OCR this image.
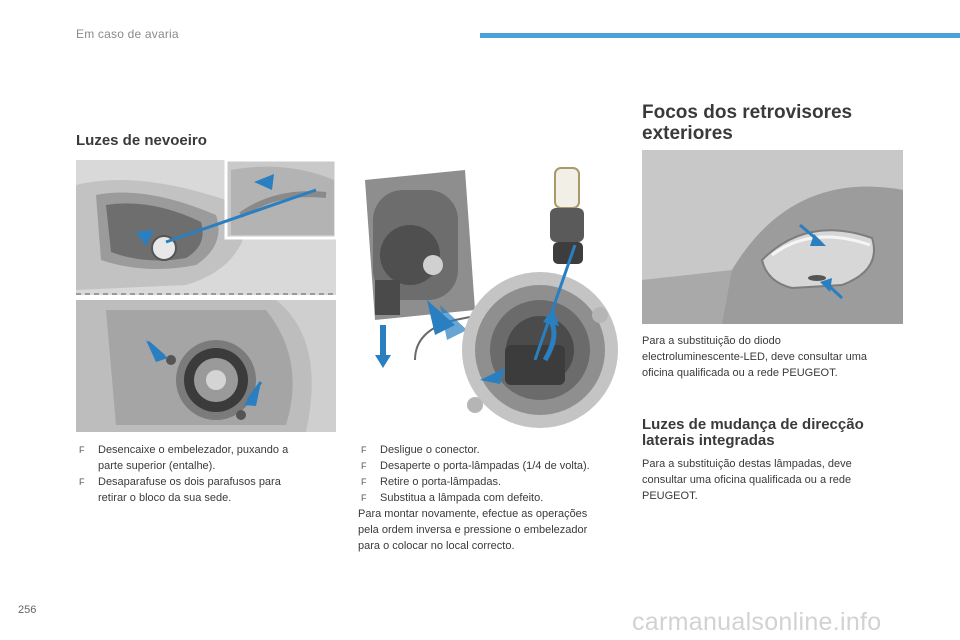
Em caso de avaria
Luzes de nevoeiro
F Desencaixe o embelezador, puxando a
parte superior (entalhe).
F Desaparafuse os dois parafusos para
retirar o bloco da sua sede.
F Desligue o conector.
F Desaperte o porta-lâmpadas (1/4 de volta).
F Retire o porta-lâmpadas.
F Substitua a lâmpada com defeito.

Para montar novamente, efectue as operações
pela ordem inversa e pressione o embelezador
para o colocar no local correcto.

Focos dos retrovisores
exteriores

Para a substituição do diodo
electroluminescente-LED, deve consultar uma
oficina qualificada ou a rede PEUGEOT.

Luzes de mudança de direcção
laterais integradas

Para a substituição destas lâmpadas, deve
consultar uma oficina qualificada ou a rede
PEUGEOT.

256	carmanualsonline.info
